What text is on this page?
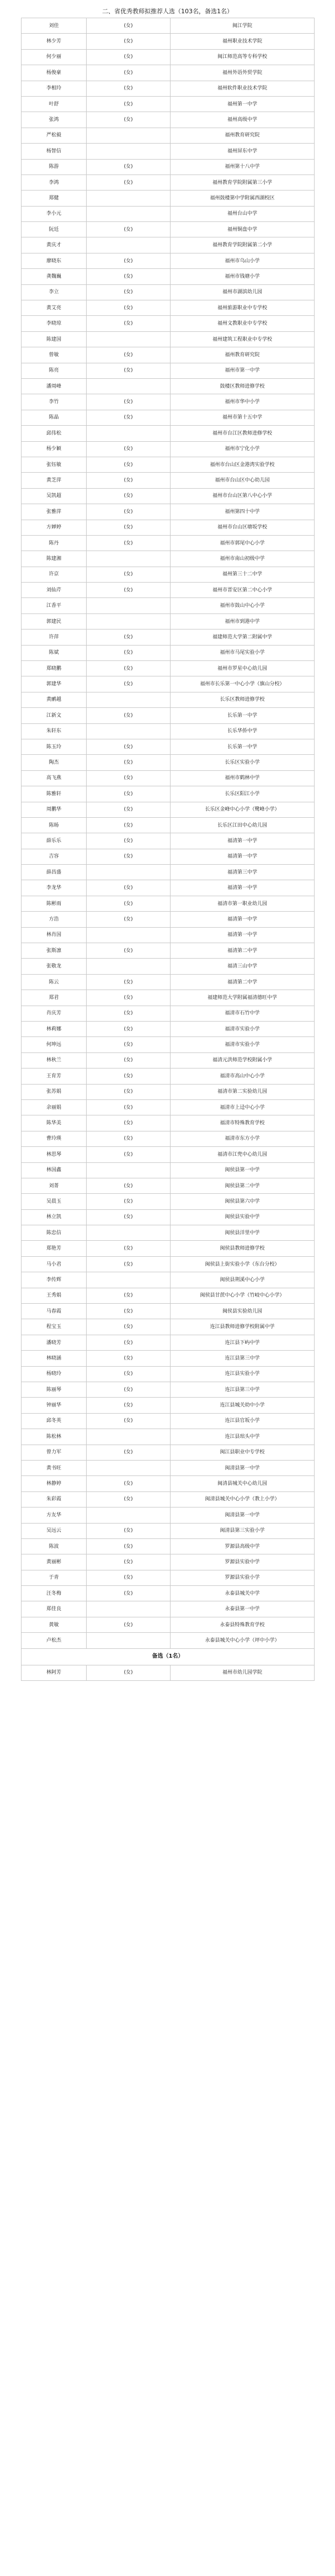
二、省优秀教师拟推荐人选（103名，备选1名）
刘佳	(女)	闽江学院
林少芳	(女)	福州职业技术学院
何少丽	(女)	闽江师范高等专科学校
杨俊豪	(女)	福州外语外贸学院
李相玲	(女)	福州软件职业技术学院
叶舒	(女)	福州第一中学
张鸿	(女)	福州高级中学
严松毅		福州教育研究院
杨智信		福州屏东中学
陈游	(女)	福州第十八中学
李鸿	(女)	福州教育学院附属第三小学
郑健		福州鼓楼第中学附属西湖校区
李小元		福州台山中学
阮廷	(女)	福州铜盘中学
黄庆才		福州教育学院附属第二小学
廖晓东	(女)	福州市乌山小学
龚魏巍	(女)	福州市钱塘小学
李立	(女)	福州市湖滨幼儿园
黄艾亮	(女)	福州旅游职业中专学校
李晓琼	(女)	福州文教职业中专学校
陈建国		福州建筑工程职业中专学校
曾敏	(女)	福州教育研究院
陈亮	(女)	福州市第一中学
潘周峰		鼓楼区教师进修学校
李竹	(女)	福州市华中小学
陈晶	(女)	福州市第十五中学
邱伟松		福州市台江区教师进修学校
杨少颖	(女)	福州市宁化小学
张钰敏	(女)	福州市台山区金港湾实验学校
黄芝萍	(女)	福州市台山区中心幼儿园
吴凯超	(女)	福州市台山区第八中心小学
张雅萍	(女)	福州第四十中学
方婵婷	(女)	福州市台山区塘坂学校
陈丹	(女)	福州市郭尾中心小学
陈建湘		福州市南山初级中学
许京	(女)	福州第三十二中学
刘仙芹	(女)	福州市晋安区第二中心小学
江香平		福州市鼓山中心小学
郭建民		福州市到港中学
许萍	(女)	福建师范大学第二附属中学
陈斌	(女)	福州市马尾实验小学
郑晓鹏	(女)	福州市罗星中心幼儿园
郭建华	(女)	福州市长乐第一中心小学（旗山分校）
黄鹂越		长乐区教师进修学校
江新文	(女)	长乐第一中学
朱轩东		长乐华侨中学
陈玉玲	(女)	长乐第一中学
陶杰	(女)	长乐区实验小学
高飞燕	(女)	福州市鹤林中学
陈雅轩	(女)	长乐区阳江小学
周鹏华	(女)	长乐区金峰中心小学（鹭峰小学）
陈旸	(女)	长乐区江田中心幼儿园
薛乐乐	(女)	福清第一中学
吉容	(女)	福清第一中学
薛昌盛		福清第三中学
李龙华	(女)	福清第一中学
陈彬雨	(女)	福清市第一职业幼儿园
方浩	(女)	福清第一中学
林肖国		福清第一中学
张斯凛	(女)	福清第二中学
张敬龙		福清三山中学
陈云	(女)	福清第二中学
郑君	(女)	福建师范大学附属福清德旺中学
肖庆芳	(女)	福清市石竹中学
林莉娜	(女)	福清市实验小学
何坤远	(女)	福清市实验小学
林秋兰	(女)	福清元洪师范学校附属小学
王育芳	(女)	福清市高山中心小学
张苏娟	(女)	福清市第二实验幼儿园
余丽娟	(女)	福清市上迳中心小学
陈华美	(女)	福清市特殊教育学校
曹玲瑛	(女)	福清市东方小学
林思琴	(女)	福清市江兜中心幼儿园
林国鑫		闽侯县第一中学
刘菁	(女)	闽侯县第二中学
吴晨玉	(女)	闽侯县第六中学
林立凯	(女)	闽侯县实验中学
陈忠信		闽侯县洋里中学
郑艳芳	(女)	闽侯县教师进修学校
马小君	(女)	闽侯县上街实验小学（东台分校）
李传辉		闽侯县荆溪中心小学
王秀娟	(女)	闽侯县甘蔗中心小学（竹岐中心小学）
马春霞	(女)	闽侯县实验幼儿园
程宝玉	(女)	连江县教师进修学校附属中学
潘晓芳	(女)	连江县下屿中学
林晓涵	(女)	连江县第三中学
杨晓玲	(女)	连江县实验小学
陈丽琴	(女)	连江县第三中学
钟丽华	(女)	连江县城关幼中小学
邱冬英	(女)	连江县官坂小学
陈松林		连江县琯头中学
曾力军	(女)	闽江县职业中专学校
黄书旺		闽清县第一中学
林静婷	(女)	闽清县城关中心幼儿园
朱彩霞	(女)	闽清县城关中心小学（教上小学）
方友华		闽清县第一中学
吴远云	(女)	闽清县第三实验小学
陈波	(女)	罗源县高级中学
黄丽彬	(女)	罗源县实验中学
于青	(女)	罗源县实验小学
汪冬梅	(女)	永泰县城关中学
郑佳良		永泰县第一中学
黄敏	(女)	永泰县特殊教育学校
卢松杰		永泰县城关中心小学（坪中小学）
备选（1名）		
林阿芳	(女)	福州市幼儿园学院
